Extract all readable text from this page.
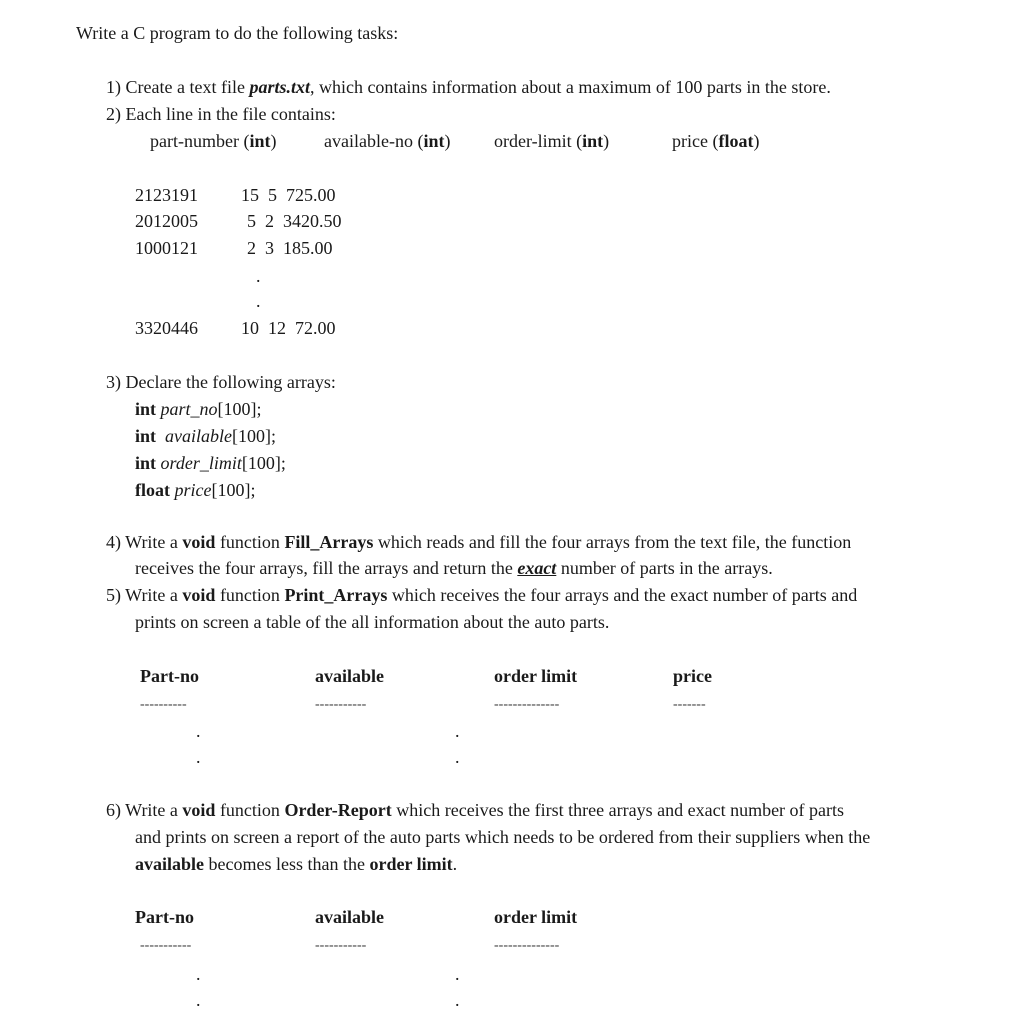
Write a C program to do the following tasks:
1) Create a text file parts.txt, which contains information about a maximum of 100 parts in the store.
2) Each line in the file contains:
part-number (int)	available-no (int) order-limit (int)	price (float)
2123191 15 5 725.00
2012005	5 2 3420.50
1000121	2 3 185.00
.
.
3320446 10 12 72.00
3) Declare the following arrays:
int part_no[100];
int available[100];
int order_limit[100];
float price[100];
4) Write a void function Fill_Arrays which reads and fill the four arrays from the text file, the function
receives the four arrays, fill the arrays and return the exact number of parts in the arrays.
5) Write a void function Print_Arrays which receives the four arrays and the exact number of parts and
prints on screen a table of the all information about the auto parts.
Part-no	available	order limit	price
----------	-----------	--------------	-------
.	.
.	.
6) Write a void function Order-Report which receives the first three arrays and exact number of parts
and prints on screen a report of the auto parts which needs to be ordered from their suppliers when the
available becomes less than the order limit.
Part-no	available	order limit
-----------	-----------	--------------
.	.
.	.
